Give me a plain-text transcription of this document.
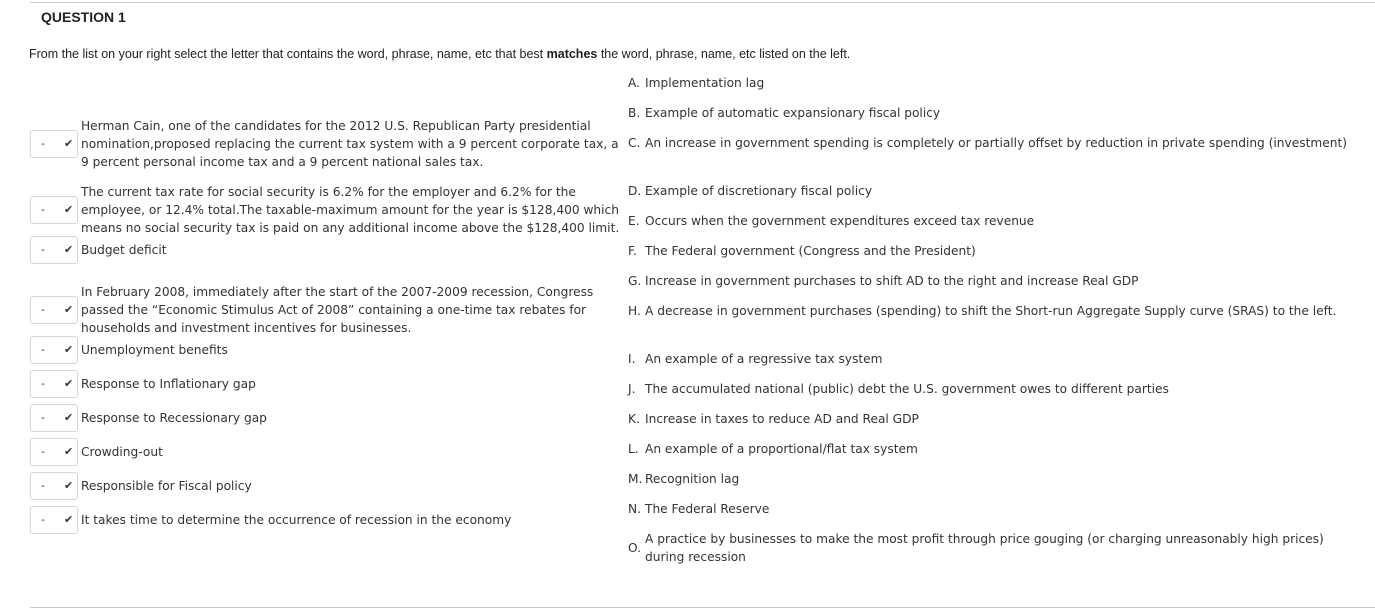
QUESTION 1
From the list on your right select the letter that contains the word, phrase, name, etc that best matches the word, phrase, name, etc listed on the left.
- ✔
Herman Cain, one of the candidates for the 2012 U.S. Republican Party presidential nomination,proposed replacing the current tax system with a 9 percent corporate tax, a 9 percent personal income tax and a 9 percent national sales tax.
- ✔
The current tax rate for social security is 6.2% for the employer and 6.2% for the employee, or 12.4% total.The taxable-maximum amount for the year is $128,400 which means no social security tax is paid on any additional income above the $128,400 limit.
- ✔ Budget deficit
- ✔
In February 2008, immediately after the start of the 2007-2009 recession, Congress passed the “Economic Stimulus Act of 2008” containing a one-time tax rebates for households and investment incentives for businesses.
- ✔ Unemployment benefits
- ✔ Response to Inflationary gap
- ✔ Response to Recessionary gap
- ✔ Crowding-out
- ✔ Responsible for Fiscal policy
- ✔ It takes time to determine the occurrence of recession in the economy
A. Implementation lag
B. Example of automatic expansionary fiscal policy
C. An increase in government spending is completely or partially offset by reduction in private spending (investment)
D. Example of discretionary fiscal policy
E. Occurs when the government expenditures exceed tax revenue
F. The Federal government (Congress and the President)
G. Increase in government purchases to shift AD to the right and increase Real GDP
H. A decrease in government purchases (spending) to shift the Short-run Aggregate Supply curve (SRAS) to the left.
I. An example of a regressive tax system
J. The accumulated national (public) debt the U.S. government owes to different parties
K. Increase in taxes to reduce AD and Real GDP
L. An example of a proportional/flat tax system
M. Recognition lag
N. The Federal Reserve
O.
A practice by businesses to make the most profit through price gouging (or charging unreasonably high prices) during recession
